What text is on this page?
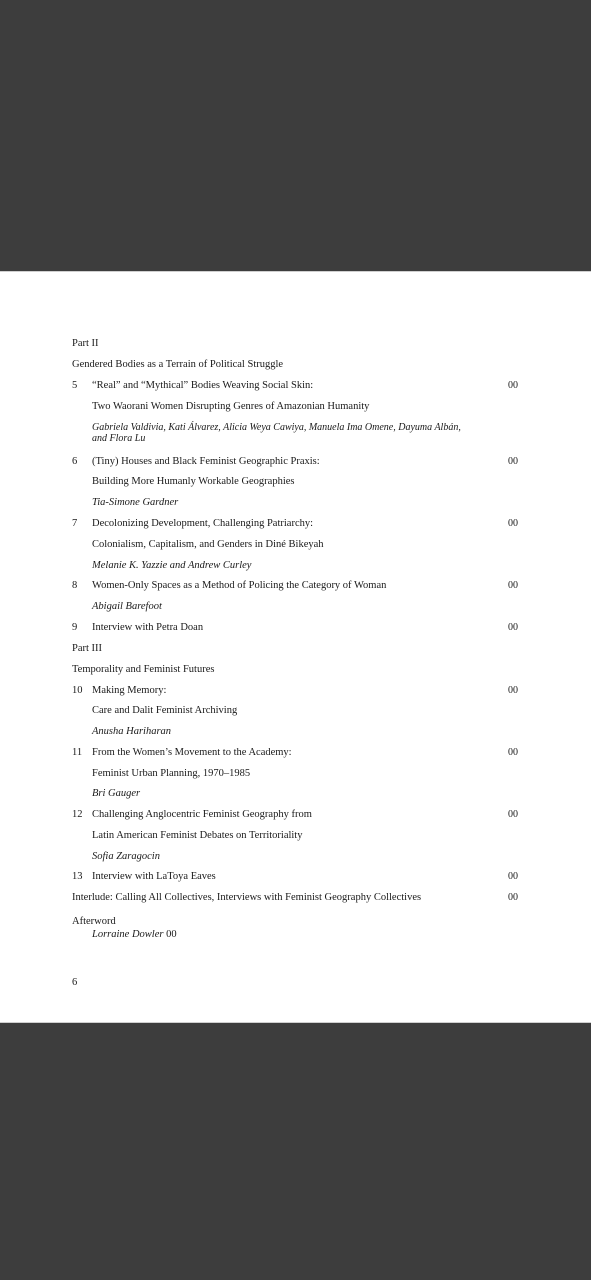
Part II
Gendered Bodies as a Terrain of Political Struggle
5 “Real” and “Mythical” Bodies Weaving Social Skin:	00
Two Waorani Women Disrupting Genres of Amazonian Humanity
Gabriela Valdivia, Kati Álvarez, Alicia Weya Cawiya, Manuela Ima Omene, Dayuma Albán,
and Flora Lu
6 (Tiny) Houses and Black Feminist Geographic Praxis:	00
Building More Humanly Workable Geographies
Tia-Simone Gardner
7 Decolonizing Development, Challenging Patriarchy:	00
Colonialism, Capitalism, and Genders in Diné Bikeyah
Melanie K. Yazzie and Andrew Curley
8 Women-Only Spaces as a Method of Policing the Category of Woman	00
Abigail Barefoot
9 Interview with Petra Doan	00
Part III
Temporality and Feminist Futures
10 Making Memory:	00
Care and Dalit Feminist Archiving
Anusha Hariharan
11 From the Women’s Movement to the Academy:	00
Feminist Urban Planning, 1970–1985
Bri Gauger
12 Challenging Anglocentric Feminist Geography from	00
Latin American Feminist Debates on Territoriality
Sofia Zaragocin
13 Interview with LaToya Eaves	00
Interlude: Calling All Collectives, Interviews with Feminist Geography Collectives	00
Afterword
Lorraine Dowler 00
6
